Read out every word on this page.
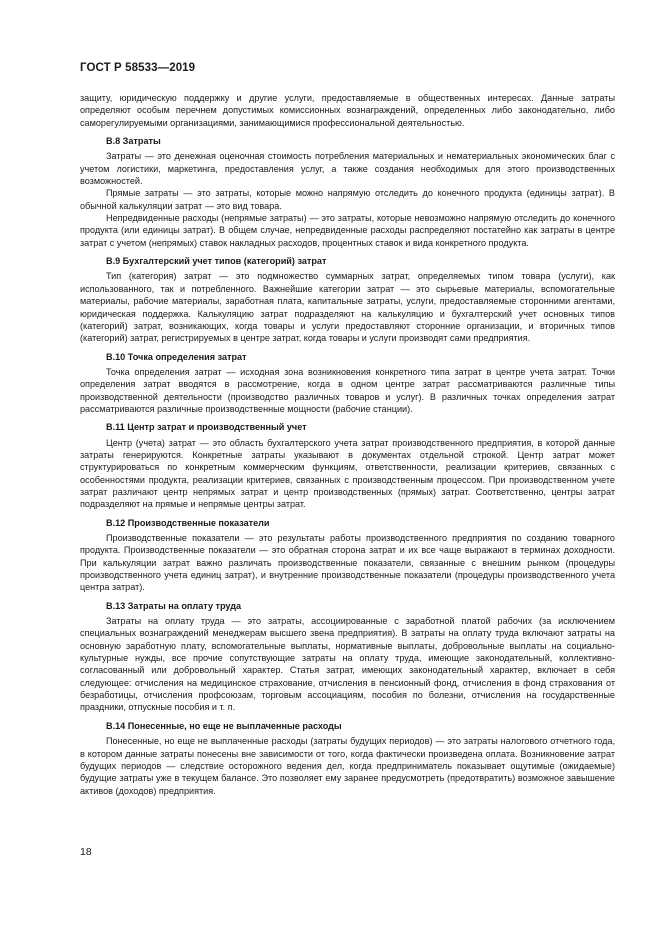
ГОСТ Р 58533—2019

защиту, юридическую поддержку и другие услуги, предоставляемые в общественных интересах. Данные затраты определяют особым перечнем допустимых комиссионных вознаграждений, определенных либо законодательно, либо саморегулируемыми организациями, занимающимися профессиональной деятельностью.

В.8 Затраты

Затраты — это денежная оценочная стоимость потребления материальных и нематериальных экономических благ с учетом логистики, маркетинга, предоставления услуг, а также создания необходимых для этого производственных возможностей.

Прямые затраты — это затраты, которые можно напрямую отследить до конечного продукта (единицы затрат). В обычной калькуляции затрат — это вид товара.

Непредвиденные расходы (непрямые затраты) — это затраты, которые невозможно напрямую отследить до конечного продукта (или единицы затрат). В общем случае, непредвиденные расходы распределяют постатейно как затраты в центре затрат с учетом (непрямых) ставок накладных расходов, процентных ставок и вида конкретного продукта.

В.9 Бухгалтерский учет типов (категорий) затрат

Тип (категория) затрат — это подмножество суммарных затрат, определяемых типом товара (услуги), как использованного, так и потребленного. Важнейшие категории затрат — это сырьевые материалы, вспомогательные материалы, рабочие материалы, заработная плата, капитальные затраты, услуги, предоставляемые сторонними агентами, юридическая поддержка. Калькуляцию затрат подразделяют на калькуляцию и бухгалтерский учет основных типов (категорий) затрат, возникающих, когда товары и услуги предоставляют сторонние организации, и вторичных типов (категорий) затрат, регистрируемых в центре затрат, когда товары и услуги производят сами предприятия.

В.10 Точка определения затрат

Точка определения затрат — исходная зона возникновения конкретного типа затрат в центре учета затрат. Точки определения затрат вводятся в рассмотрение, когда в одном центре затрат рассматриваются различные типы производственной деятельности (производство различных товаров и услуг). В различных точках определения затрат рассматриваются различные производственные мощности (рабочие станции).

В.11 Центр затрат и производственный учет

Центр (учета) затрат — это область бухгалтерского учета затрат производственного предприятия, в которой данные затраты генерируются. Конкретные затраты указывают в документах отдельной строкой. Центр затрат может структурироваться по конкретным коммерческим функциям, ответственности, реализации критериев, связанных с особенностями продукта, реализации критериев, связанных с производственным процессом. При производственном учете затрат различают центр непрямых затрат и центр производственных (прямых) затрат. Соответственно, центры затрат подразделяют на прямые и непрямые центры затрат.

В.12 Производственные показатели

Производственные показатели — это результаты работы производственного предприятия по созданию товарного продукта. Производственные показатели — это обратная сторона затрат и их все чаще выражают в терминах доходности. При калькуляции затрат важно различать производственные показатели, связанные с внешним рынком (процедуры производственного учета единиц затрат), и внутренние производственные показатели (процедуры производственного учета центра затрат).

В.13 Затраты на оплату труда

Затраты на оплату труда — это затраты, ассоциированные с заработной платой рабочих (за исключением специальных вознаграждений менеджерам высшего звена предприятия). В затраты на оплату труда включают затраты на основную заработную плату, вспомогательные выплаты, нормативные выплаты, добровольные выплаты на социально-культурные нужды, все прочие сопутствующие затраты на оплату труда, имеющие законодательный, коллективно-согласованный или добровольный характер. Статья затрат, имеющих законодательный характер, включает в себя следующее: отчисления на медицинское страхование, отчисления в пенсионный фонд, отчисления в фонд страхования от безработицы, отчисления профсоюзам, торговым ассоциациям, пособия по болезни, отчисления на государственные праздники, отпускные пособия и т. п.

В.14 Понесенные, но еще не выплаченные расходы

Понесенные, но еще не выплаченные расходы (затраты будущих периодов) — это затраты налогового отчетного года, в котором данные затраты понесены вне зависимости от того, когда фактически произведена оплата. Возникновение затрат будущих периодов — следствие осторожного ведения дел, когда предприниматель показывает ощутимые (ожидаемые) будущие затраты уже в текущем балансе. Это позволяет ему заранее предусмотреть (предотвратить) возможное завышение активов (доходов) предприятия.

18
